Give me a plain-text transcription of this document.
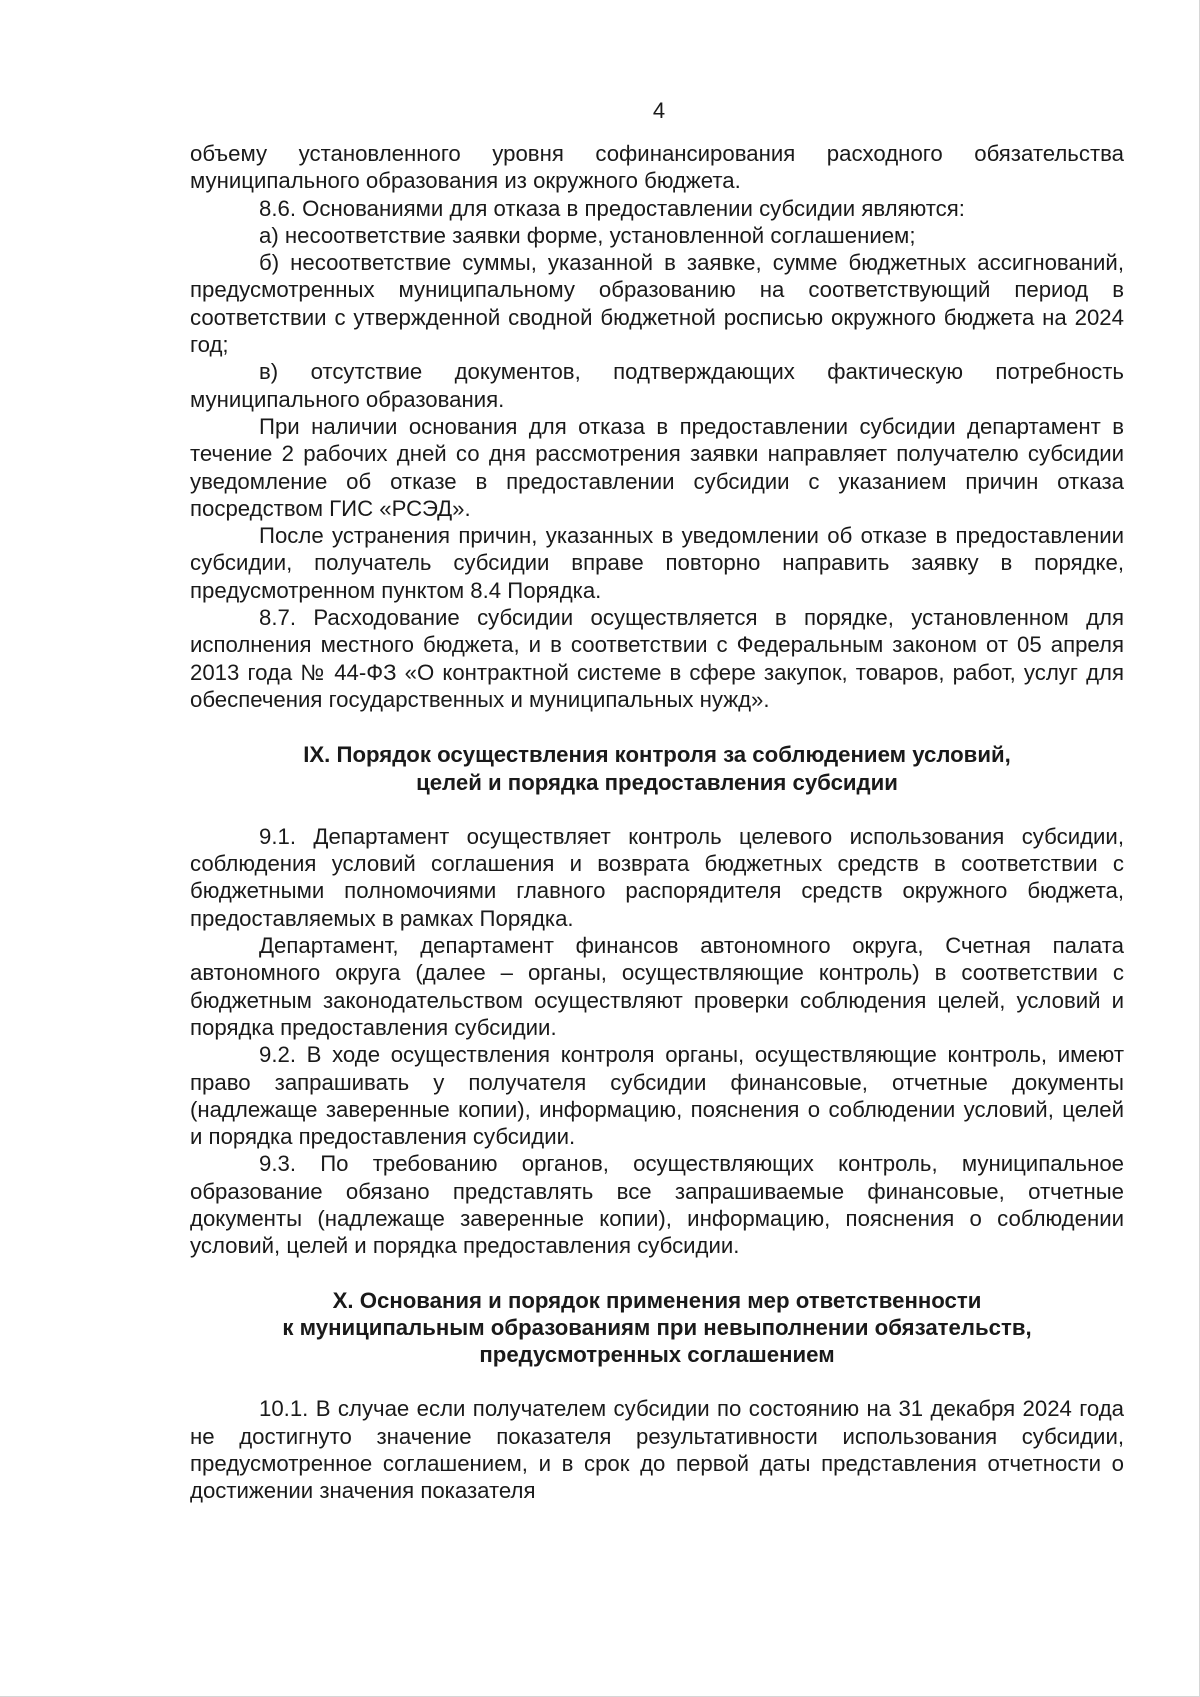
4

объему установленного уровня софинансирования расходного обязательства муниципального образования из окружного бюджета.

8.6. Основаниями для отказа в предоставлении субсидии являются:

а) несоответствие заявки форме, установленной соглашением;

б) несоответствие суммы, указанной в заявке, сумме бюджетных ассигнований, предусмотренных муниципальному образованию на соответствующий период в соответствии с утвержденной сводной бюджетной росписью окружного бюджета на 2024 год;

в) отсутствие документов, подтверждающих фактическую потребность муниципального образования.

При наличии основания для отказа в предоставлении субсидии департамент в течение 2 рабочих дней со дня рассмотрения заявки направляет получателю субсидии уведомление об отказе в предоставлении субсидии с указанием причин отказа посредством ГИС «РСЭД».

После устранения причин, указанных в уведомлении об отказе в предоставлении субсидии, получатель субсидии вправе повторно направить заявку в порядке, предусмотренном пунктом 8.4 Порядка.

8.7. Расходование субсидии осуществляется в порядке, установленном для исполнения местного бюджета, и в соответствии с Федеральным законом от 05 апреля 2013 года № 44-ФЗ «О контрактной системе в сфере закупок, товаров, работ, услуг для обеспечения государственных и муниципальных нужд».

IX. Порядок осуществления контроля за соблюдением условий,
целей и порядка предоставления субсидии

9.1. Департамент осуществляет контроль целевого использования субсидии, соблюдения условий соглашения и возврата бюджетных средств в соответствии с бюджетными полномочиями главного распорядителя средств окружного бюджета, предоставляемых в рамках Порядка.

Департамент, департамент финансов автономного округа, Счетная палата автономного округа (далее – органы, осуществляющие контроль) в соответствии с бюджетным законодательством осуществляют проверки соблюдения целей, условий и порядка предоставления субсидии.

9.2. В ходе осуществления контроля органы, осуществляющие контроль, имеют право запрашивать у получателя субсидии финансовые, отчетные документы (надлежаще заверенные копии), информацию, пояснения о соблюдении условий, целей и порядка предоставления субсидии.

9.3. По требованию органов, осуществляющих контроль, муниципальное образование обязано представлять все запрашиваемые финансовые, отчетные документы (надлежаще заверенные копии), информацию, пояснения о соблюдении условий, целей и порядка предоставления субсидии.

X. Основания и порядок применения мер ответственности
к муниципальным образованиям при невыполнении обязательств,
предусмотренных соглашением

10.1. В случае если получателем субсидии по состоянию на 31 декабря 2024 года не достигнуто значение показателя результативности использования субсидии, предусмотренное соглашением, и в срок до первой даты представления отчетности о достижении значения показателя
